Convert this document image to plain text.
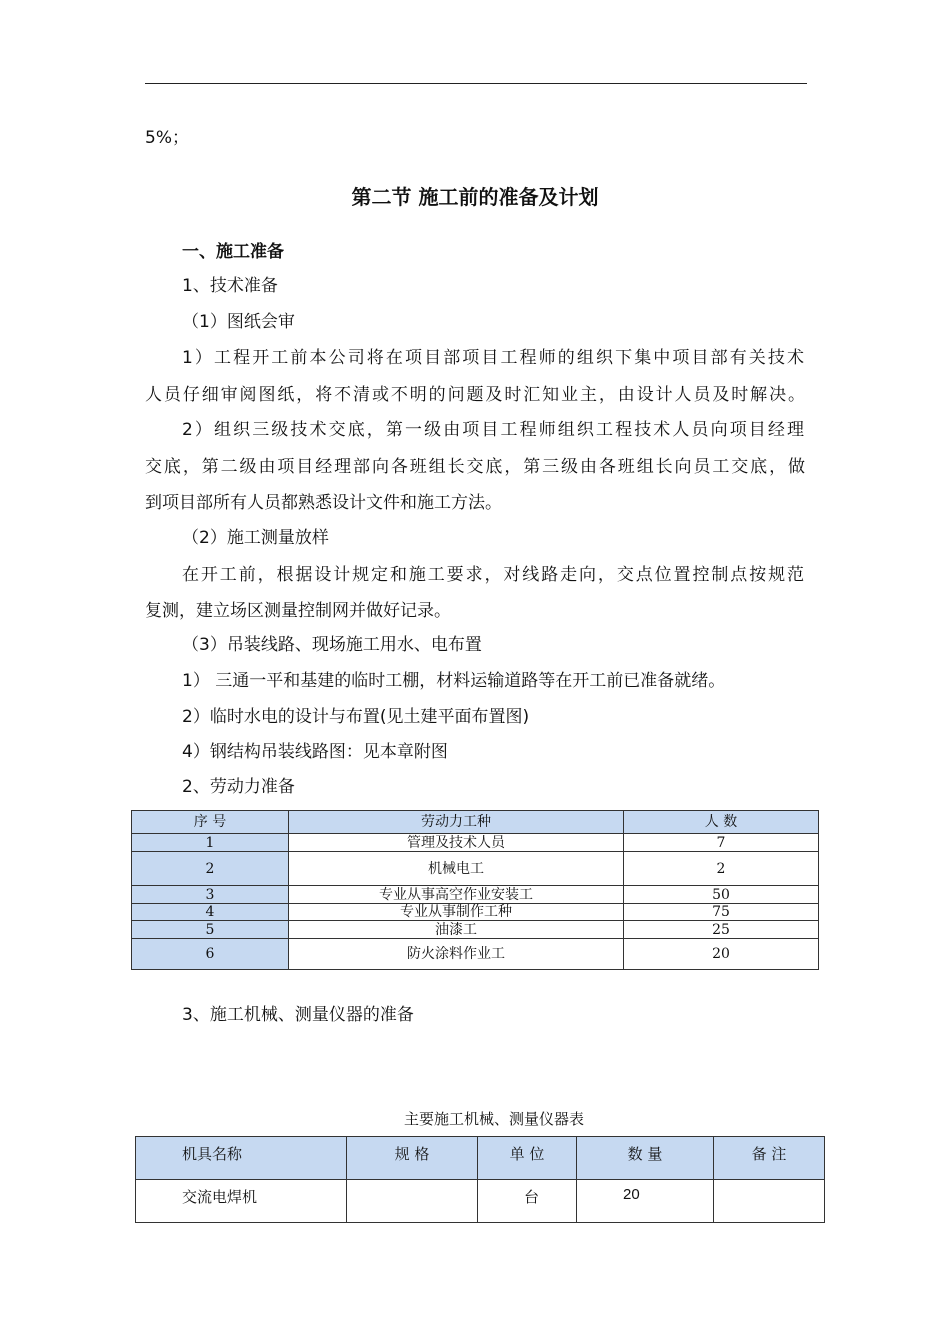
5%；
第二节 施工前的准备及计划
一、施工准备
1、技术准备
（1）图纸会审
1）工程开工前本公司将在项目部项目工程师的组织下集中项目部有关技术
人员仔细审阅图纸，将不清或不明的问题及时汇知业主，由设计人员及时解决。
2）组织三级技术交底，第一级由项目工程师组织工程技术人员向项目经理
交底，第二级由项目经理部向各班组长交底，第三级由各班组长向员工交底，做
到项目部所有人员都熟悉设计文件和施工方法。
（2）施工测量放样
在开工前，根据设计规定和施工要求，对线路走向，交点位置控制点按规范
复测，建立场区测量控制网并做好记录。
（3）吊装线路、现场施工用水、电布置
1） 三通一平和基建的临时工棚，材料运输道路等在开工前已准备就绪。
2）临时水电的设计与布置(见土建平面布置图)
4）钢结构吊装线路图：见本章附图
2、劳动力准备
序 号	劳动力工种	人 数
1	管理及技术人员	7
2	机械电工	2
3	专业从事高空作业安装工	50
4	专业从事制作工种	75
5	油漆工	25
6	防火涂料作业工	20
3、施工机械、测量仪器的准备
主要施工机械、测量仪器表
机具名称	规 格	单 位	数 量	备 注
交流电焊机		台	20	
